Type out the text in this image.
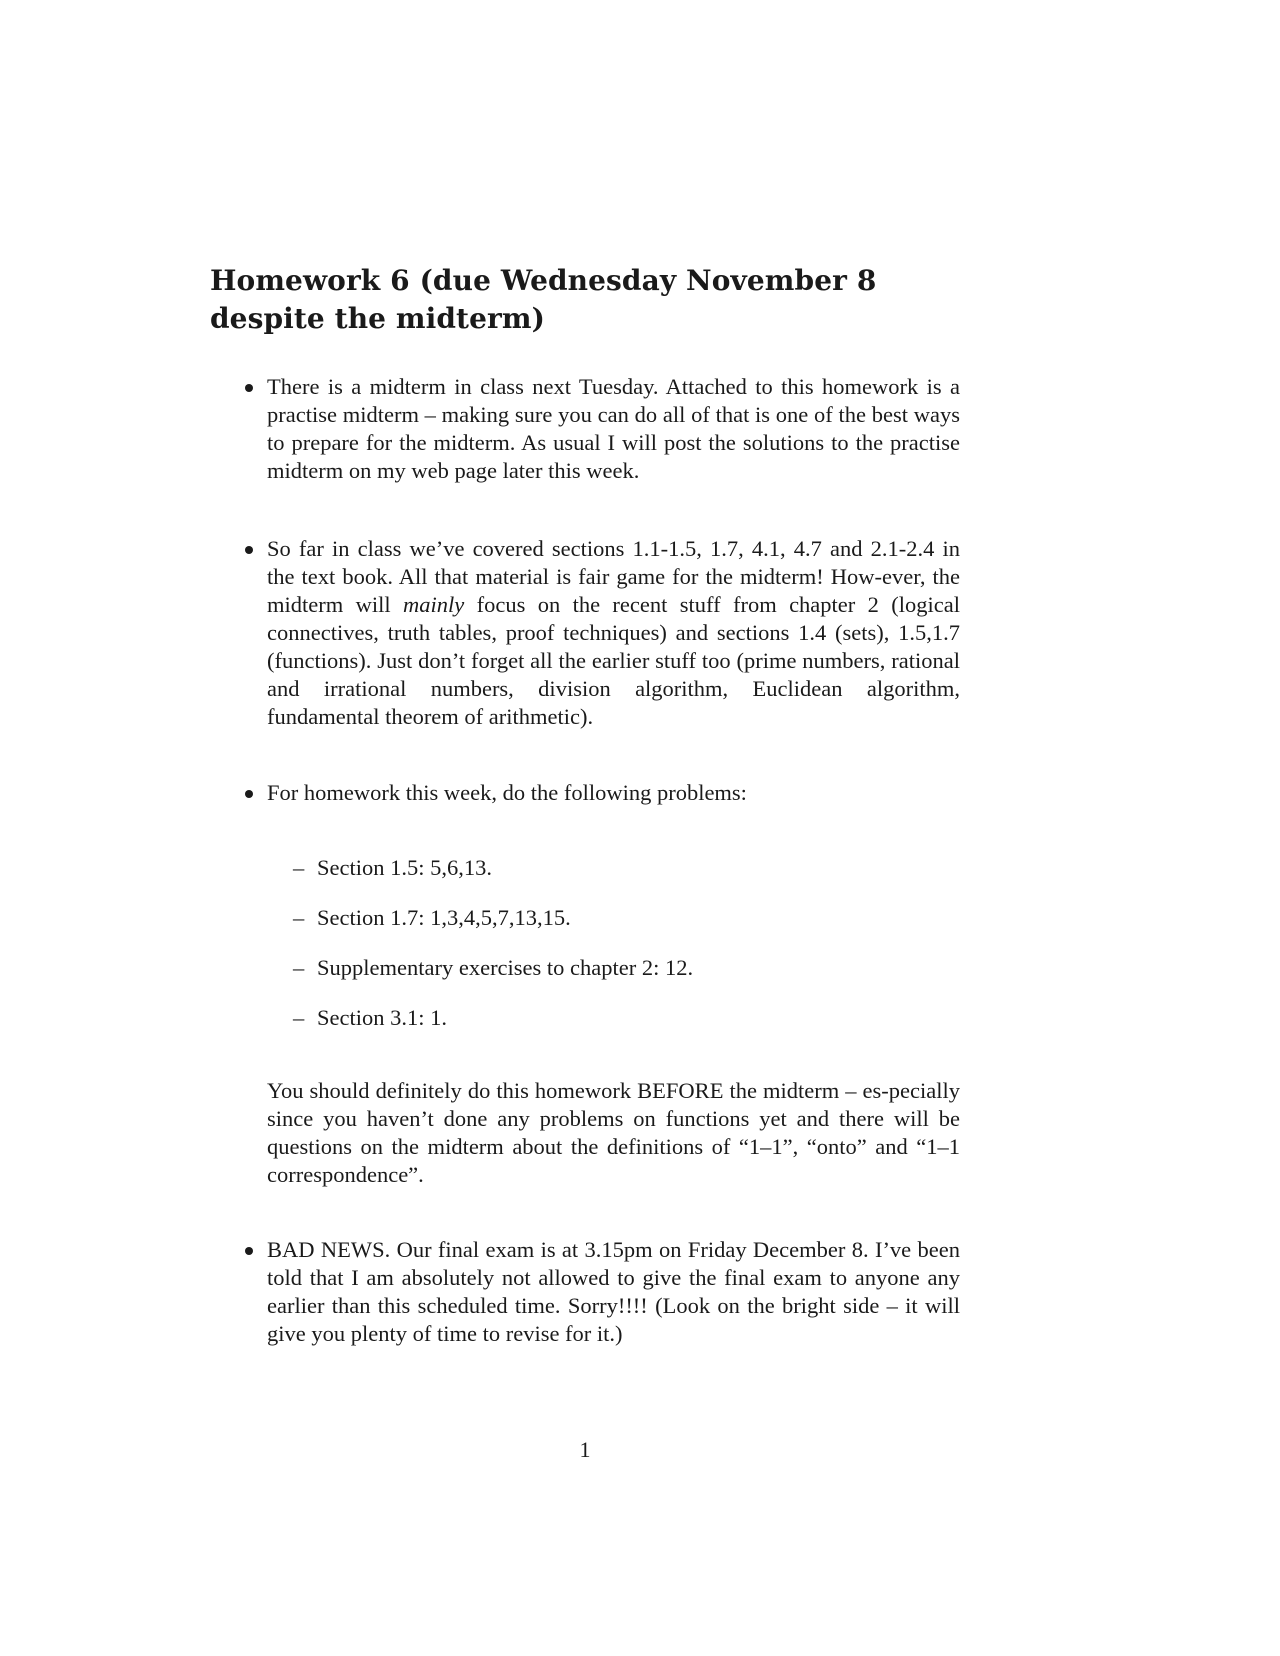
Homework 6 (due Wednesday November 8 despite the midterm)

There is a midterm in class next Tuesday. Attached to this homework is a practise midterm – making sure you can do all of that is one of the best ways to prepare for the midterm. As usual I will post the solutions to the practise midterm on my web page later this week.

So far in class we’ve covered sections 1.1-1.5, 1.7, 4.1, 4.7 and 2.1-2.4 in the text book. All that material is fair game for the midterm! How-ever, the midterm will mainly focus on the recent stuff from chapter 2 (logical connectives, truth tables, proof techniques) and sections 1.4 (sets), 1.5,1.7 (functions). Just don’t forget all the earlier stuff too (prime numbers, rational and irrational numbers, division algorithm, Euclidean algorithm, fundamental theorem of arithmetic).

For homework this week, do the following problems:

– Section 1.5: 5,6,13.
– Section 1.7: 1,3,4,5,7,13,15.
– Supplementary exercises to chapter 2: 12.
– Section 3.1: 1.

You should definitely do this homework BEFORE the midterm – es-pecially since you haven’t done any problems on functions yet and there will be questions on the midterm about the definitions of “1–1”, “onto” and “1–1 correspondence”.

BAD NEWS. Our final exam is at 3.15pm on Friday December 8. I’ve been told that I am absolutely not allowed to give the final exam to anyone any earlier than this scheduled time. Sorry!!!! (Look on the bright side – it will give you plenty of time to revise for it.)

1
